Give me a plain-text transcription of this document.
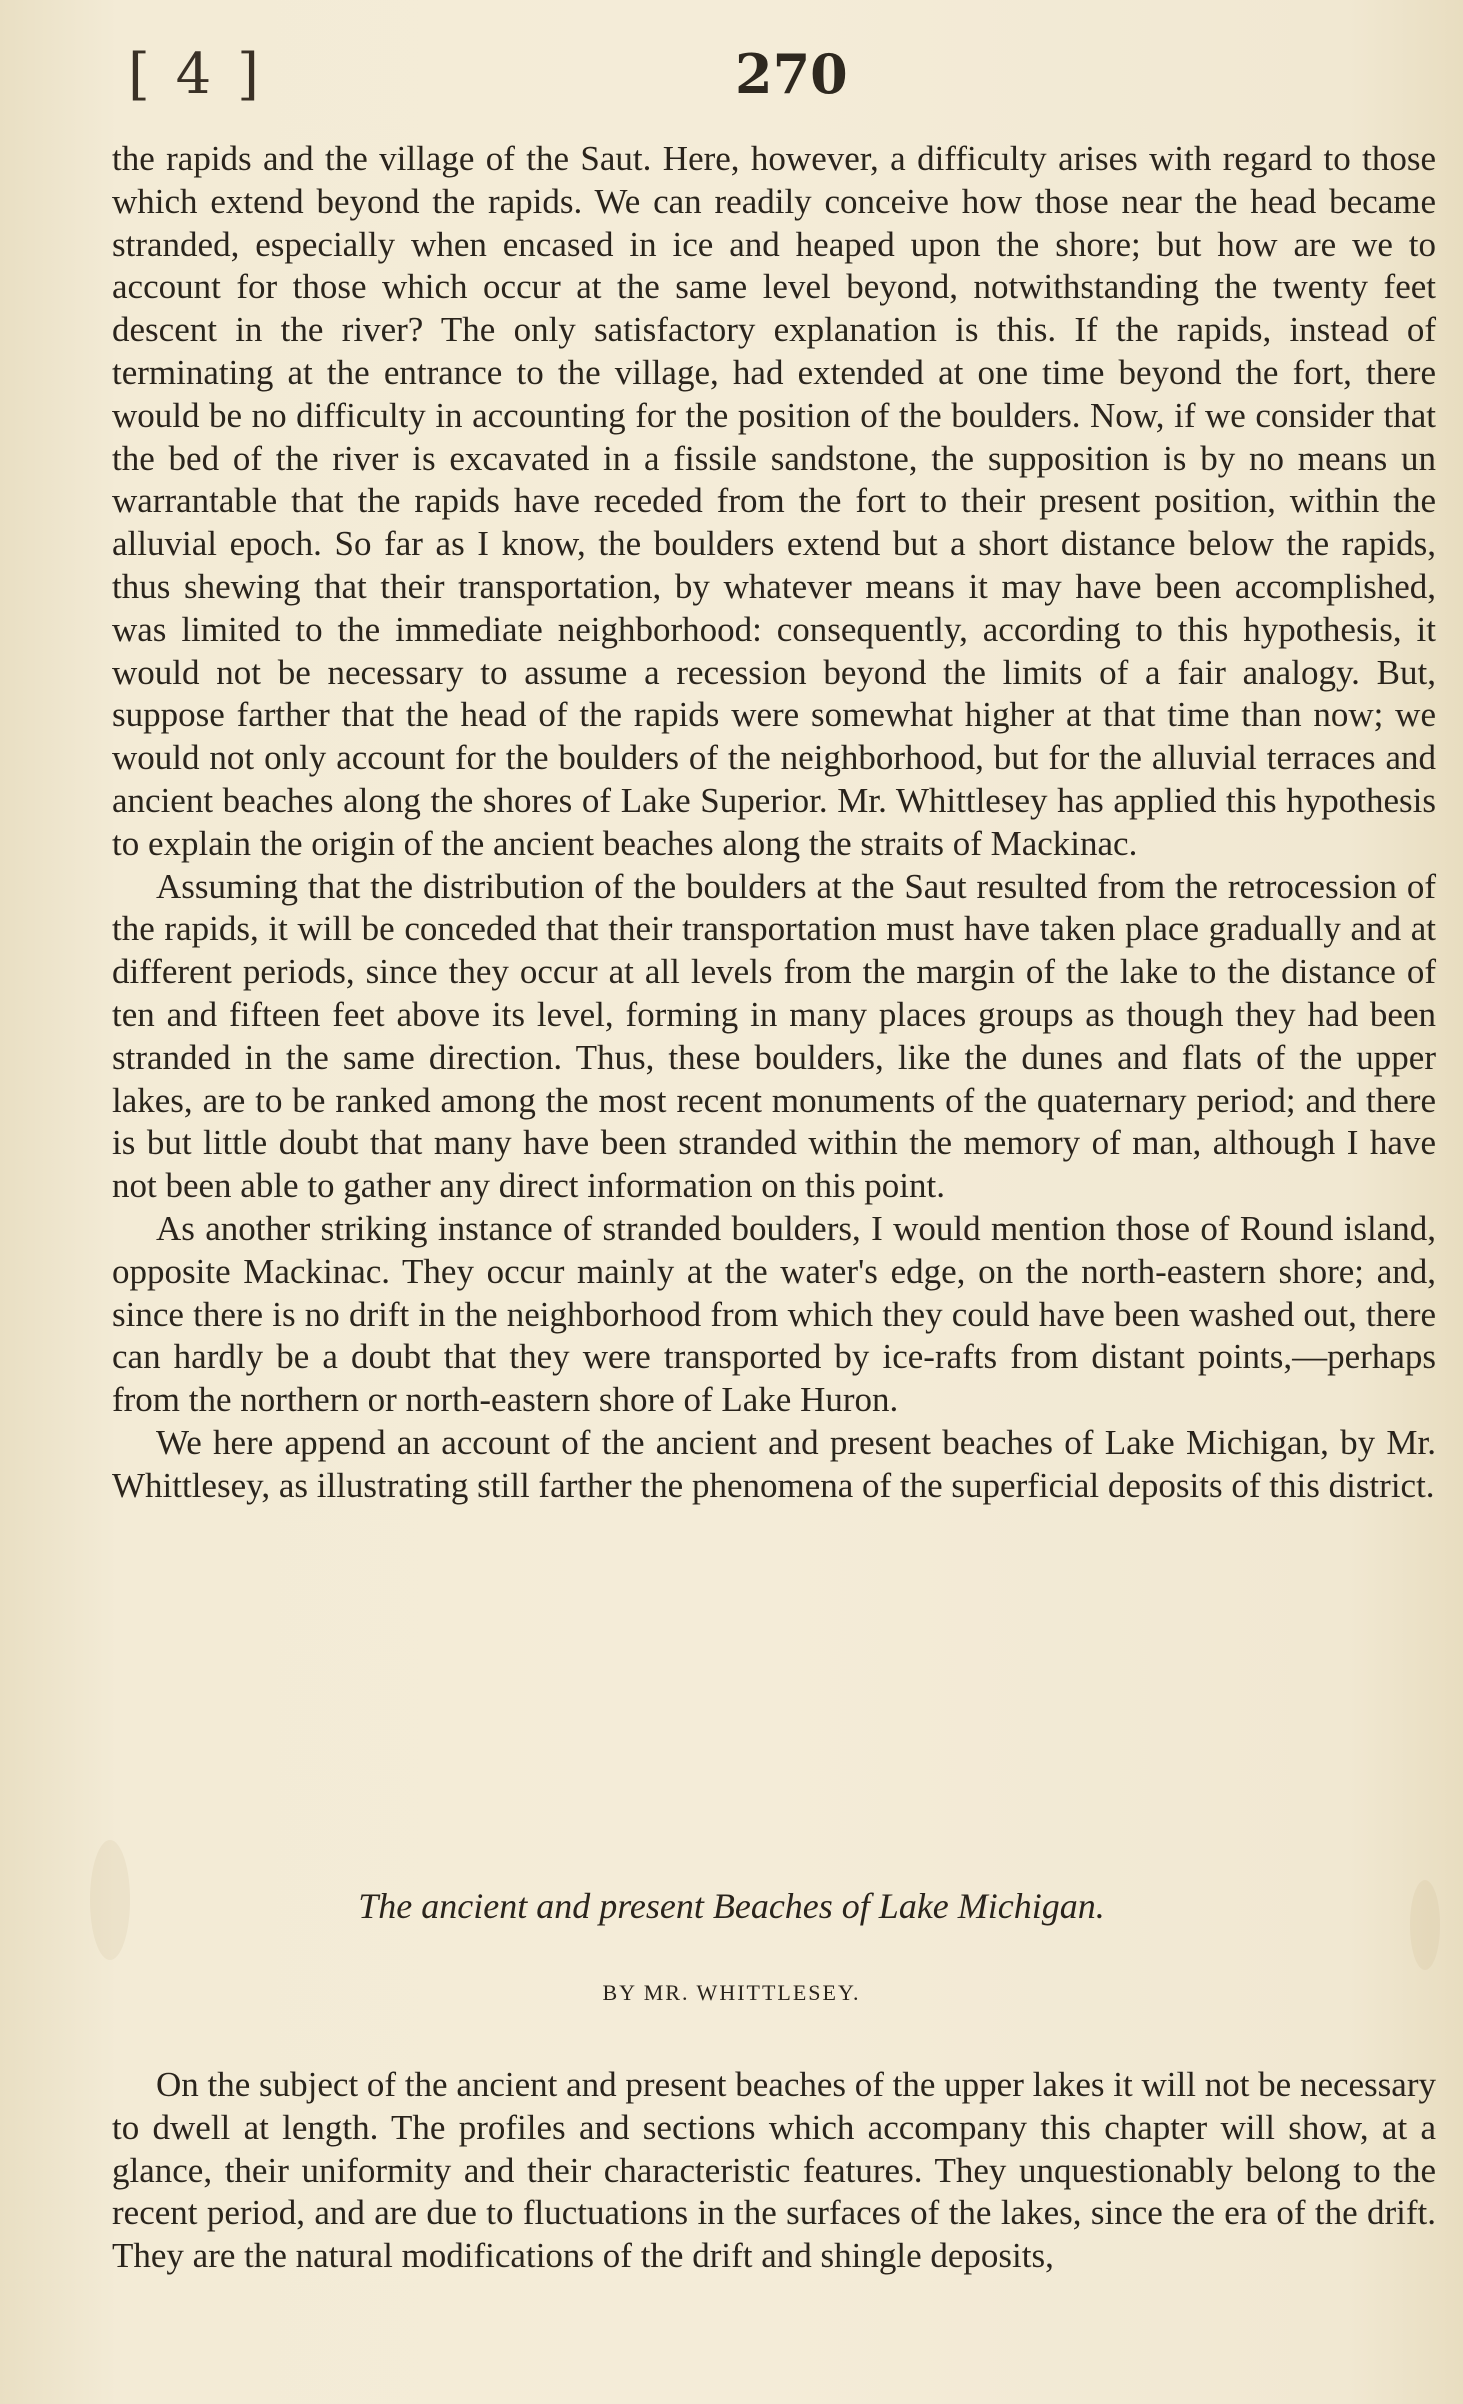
[ 4 ]	270

the rapids and the village of the Saut. Here, however, a difficulty arises with regard to those which extend beyond the rapids. We can readily conceive how those near the head became stranded, especially when encased in ice and heaped upon the shore; but how are we to account for those which occur at the same level beyond, notwithstanding the twenty feet descent in the river? The only satisfactory explanation is this. If the rapids, instead of terminating at the entrance to the village, had extended at one time beyond the fort, there would be no difficulty in accounting for the position of the boulders. Now, if we consider that the bed of the river is excavated in a fissile sandstone, the supposition is by no means un warrantable that the rapids have receded from the fort to their present position, within the alluvial epoch. So far as I know, the boulders extend but a short distance below the rapids, thus shewing that their transportation, by whatever means it may have been accomplished, was limited to the immediate neighborhood: consequently, according to this hypothesis, it would not be necessary to assume a recession beyond the limits of a fair analogy. But, suppose farther that the head of the rapids were somewhat higher at that time than now; we would not only account for the boulders of the neighborhood, but for the alluvial terraces and ancient beaches along the shores of Lake Superior. Mr. Whittlesey has applied this hypothesis to explain the origin of the ancient beaches along the straits of Mackinac.

Assuming that the distribution of the boulders at the Saut resulted from the retrocession of the rapids, it will be conceded that their transportation must have taken place gradually and at different periods, since they occur at all levels from the margin of the lake to the distance of ten and fifteen feet above its level, forming in many places groups as though they had been stranded in the same direction. Thus, these boulders, like the dunes and flats of the upper lakes, are to be ranked among the most recent monuments of the quaternary period; and there is but little doubt that many have been stranded within the memory of man, although I have not been able to gather any direct information on this point.

As another striking instance of stranded boulders, I would mention those of Round island, opposite Mackinac. They occur mainly at the water's edge, on the north-eastern shore; and, since there is no drift in the neighborhood from which they could have been washed out, there can hardly be a doubt that they were transported by ice-rafts from distant points,—perhaps from the northern or north-eastern shore of Lake Huron.

We here append an account of the ancient and present beaches of Lake Michigan, by Mr. Whittlesey, as illustrating still farther the phenomena of the superficial deposits of this district.

The ancient and present Beaches of Lake Michigan.
BY MR. WHITTLESEY.

On the subject of the ancient and present beaches of the upper lakes it will not be necessary to dwell at length. The profiles and sections which accompany this chapter will show, at a glance, their uniformity and their characteristic features. They unquestionably belong to the recent period, and are due to fluctuations in the surfaces of the lakes, since the era of the drift. They are the natural modifications of the drift and shingle deposits,
